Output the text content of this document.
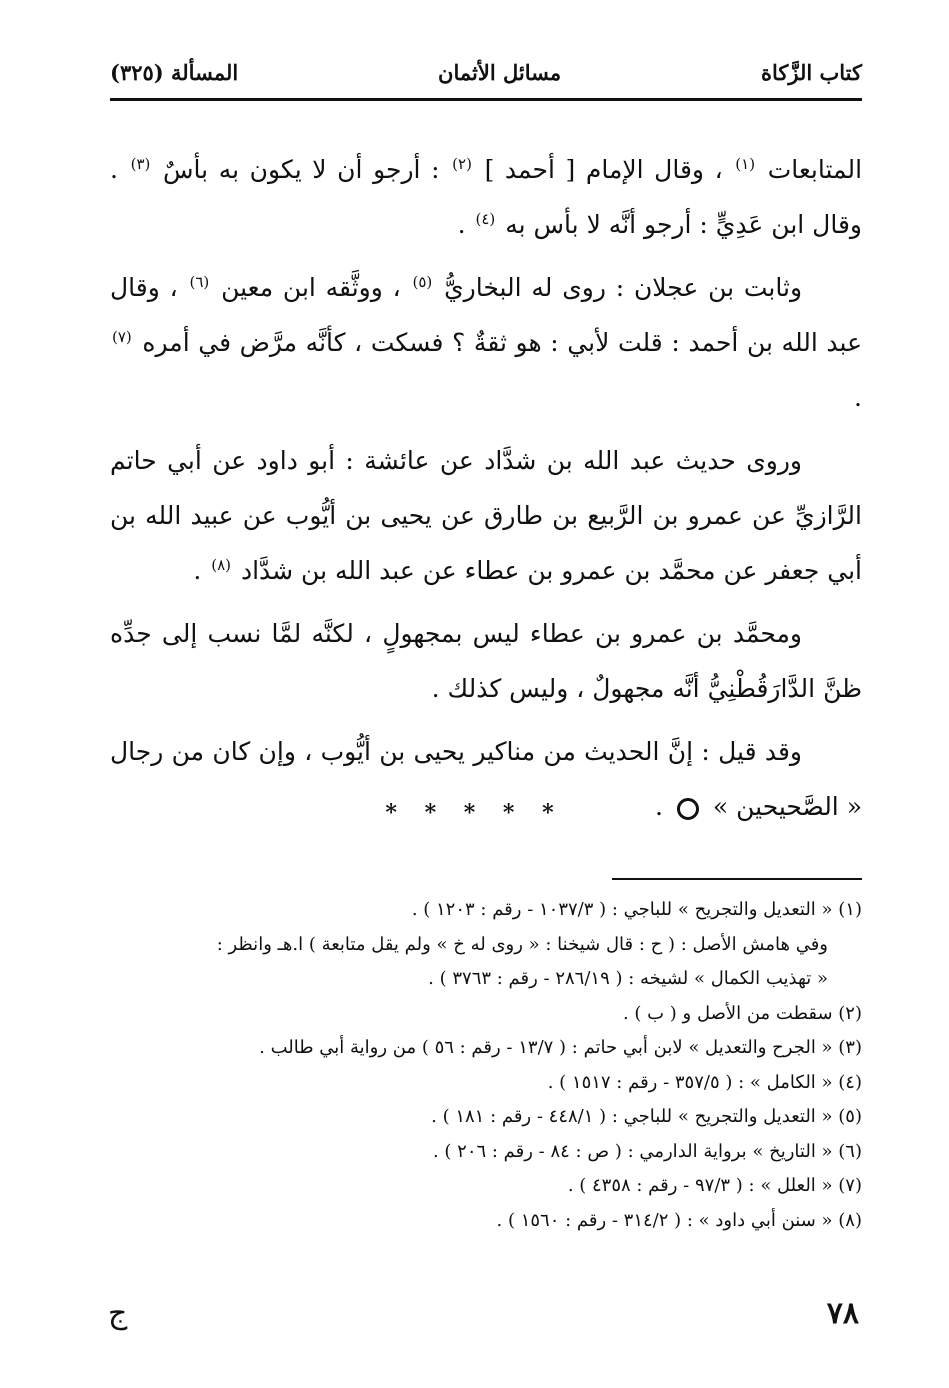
كتاب الزَّكاة
مسائل الأثمان
المسألة (٣٢٥)

المتابعات $^{(١)}$ ، وقال الإمام [ أحمد ] $^{(٢)}$ : أرجو أن لا يكون به بأسٌ $^{(٣)}$ . وقال ابن عَدِيٍّ : أرجو أنَّه لا بأس به $^{(٤)}$ .

وثابت بن عجلان : روى له البخاريُّ $^{(٥)}$ ، ووثَّقه ابن معين $^{(٦)}$ ، وقال عبد الله بن أحمد : قلت لأبي : هو ثقةٌ ؟ فسكت ، كأنَّه مرَّض في أمره $^{(٧)}$ .

وروى حديث عبد الله بن شدَّاد عن عائشة : أبو داود عن أبي حاتم الرَّازيِّ عن عمرو بن الرَّبيع بن طارق عن يحيى بن أيُّوب عن عبيد الله بن أبي جعفر عن محمَّد بن عمرو بن عطاء عن عبد الله بن شدَّاد $^{(٨)}$ .

ومحمَّد بن عمرو بن عطاء ليس بمجهولٍ ، لكنَّه لمَّا نسب إلى جدِّه ظنَّ الدَّارَقُطْنِيُّ أنَّه مجهولٌ ، وليس كذلك .

وقد قيل : إنَّ الحديث من مناكير يحيى بن أيُّوب ، وإن كان من رجال « الصَّحيحين »  .

* * * * *
(١) « التعديل والتجريح » للباجي : ( ١٠٣٧/٣ - رقم : ١٢٠٣ ) .
وفي هامش الأصل : ( ح : قال شيخنا : « روى له خ » ولم يقل متابعة ) ا.هـ وانظر :
« تهذيب الكمال » لشيخه : ( ٢٨٦/١٩ - رقم : ٣٧٦٣ ) .
(٢) سقطت من الأصل و ( ب ) .
(٣) « الجرح والتعديل » لابن أبي حاتم : ( ١٣/٧ - رقم : ٥٦ ) من رواية أبي طالب .
(٤) « الكامل » : ( ٣٥٧/٥ - رقم : ١٥١٧ ) .
(٥) « التعديل والتجريح » للباجي : ( ٤٤٨/١ - رقم : ١٨١ ) .
(٦) « التاريخ » برواية الدارمي : ( ص : ٨٤ - رقم : ٢٠٦ ) .
(٧) « العلل » : ( ٩٧/٣ - رقم : ٤٣٥٨ ) .
(٨) « سنن أبي داود » : ( ٣١٤/٢ - رقم : ١٥٦٠ ) .
٧٨
ج
